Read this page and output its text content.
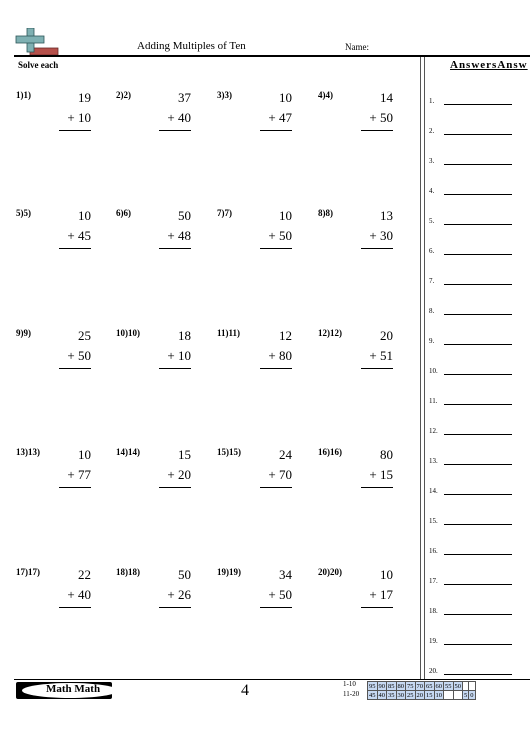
Adding Multiples of Ten	Name:
Solve each	AnswersAnsw
1.
2.
3.
4.
5.
6.
7.
8.
9.
10.
11.
12.
13.
14.
15.
16.
17.
18.
19.
20.
1)1)	19
+ 10
2)2)	37
+ 40
3)3)	10
+ 47
4)4)	14
+ 50
5)5)	10
+ 45
6)6)	50
+ 48
7)7)	10
+ 50
8)8)	13
+ 30
9)9)	25
+ 50
10)10)	18
+ 10
11)11)	12
+ 80
12)12)	20
+ 51
13)13)	10
+ 77
14)14)	15
+ 20
15)15)	24
+ 70
16)16)	80
+ 15
17)17)	22
+ 40
18)18)	50
+ 26
19)19)	34
+ 50
20)20)	10
+ 17
Math Math	4	1-10
11-20
95	90	85	80	75	70	65	60	55	50		
45	40	35	30	25	20	15	10			5	0
